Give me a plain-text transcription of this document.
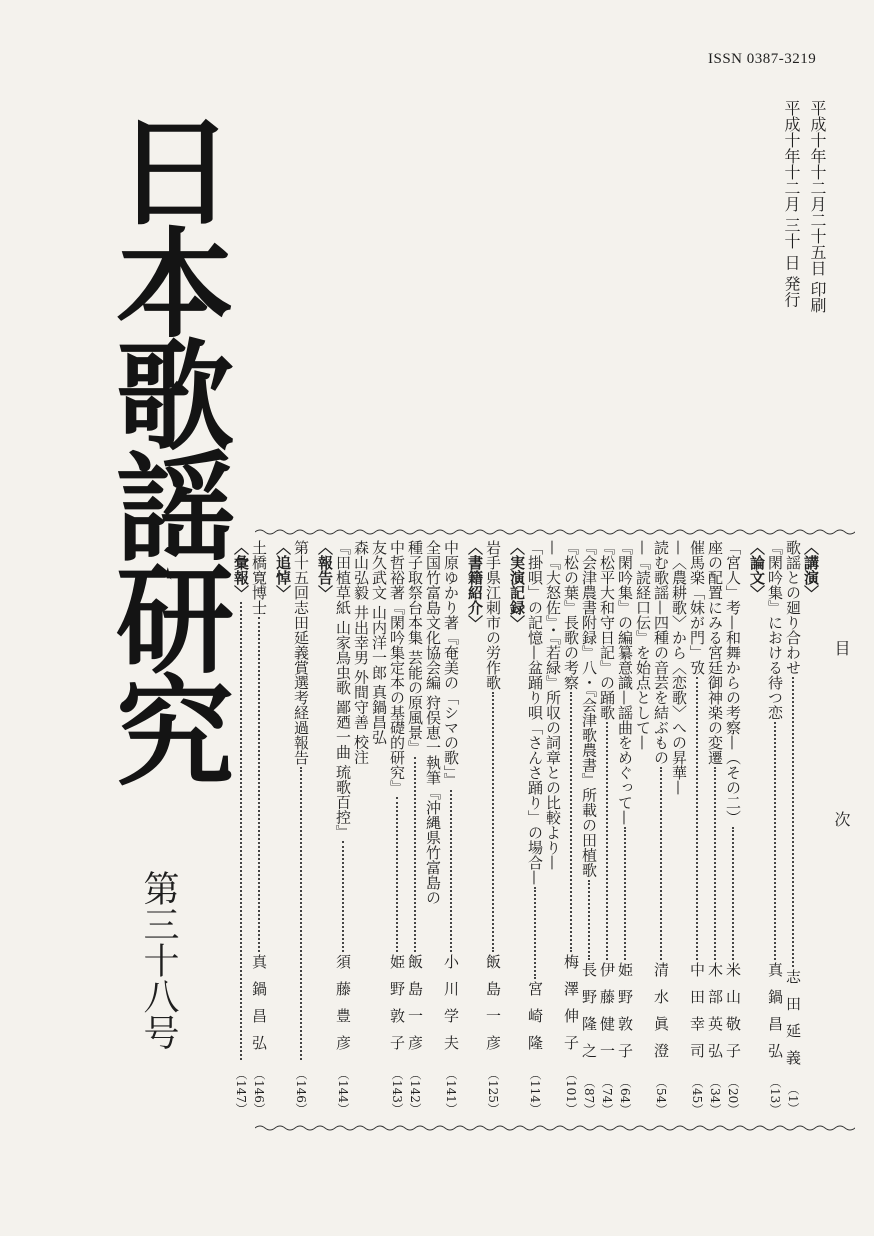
ISSN 0387-3219
平成十年十二月二十五日 印刷
平成十年十二月 三十 日 発行
日本歌謡研究
第三十八号
目次
〈講演〉
歌謡との廻り合わせ
志田延義
（1）
『閑吟集』における待つ恋
真鍋昌弘
（13）
〈論文〉
「宮人」考—和舞からの考察—（その二）
米山敬子
（20）
座の配置にみる宮廷御神楽の変遷
木部英弘
（34）
催馬楽「妹が門」攷
中田幸司
（45）
—〈農耕歌〉から〈恋歌〉への昇華—
読む歌謡—四種の音芸を結ぶもの
清水眞澄
（54）
—『読経口伝』を始点として—
『閑吟集』の編纂意識—謡曲をめぐって—
姫野敦子
（64）
『松平大和守日記』の踊歌
伊藤健一
（74）
『会津農書附録』八・『会津歌農書』所載の田植歌
長野隆之
（87）
『松の葉』長歌の考察
梅澤伸子
（101）
—『大怒佐』・『若緑』所収の詞章との比較より—
「掛唄」の記憶—盆踊り唄「さんさ踊り」の場合—
宮崎隆
（114）
〈実演記録〉
岩手県江刺市の労作歌
飯島一彦
（125）
〈書籍紹介〉
中原ゆかり著『奄美の「シマの歌」』
小川学夫
（141）
全国竹富島文化協会編 狩俣恵一執筆『沖縄県竹富島の
種子取祭台本集 芸能の原風景』
飯島一彦
（142）
中哲裕著『閑吟集定本の基礎的研究』
姫野敦子
（143）
友久武文 山内洋一郎 真鍋昌弘
森山弘毅 井出幸男 外間守善 校注
『田植草紙 山家鳥虫歌 鄙廼一曲 琉歌百控』
須藤豊彦
（144）
〈報告〉
第十五回志田延義賞選考経過報告
（146）
〈追悼〉
土橋寛博士
真鍋昌弘
（146）
〈彙報〉
（147）
